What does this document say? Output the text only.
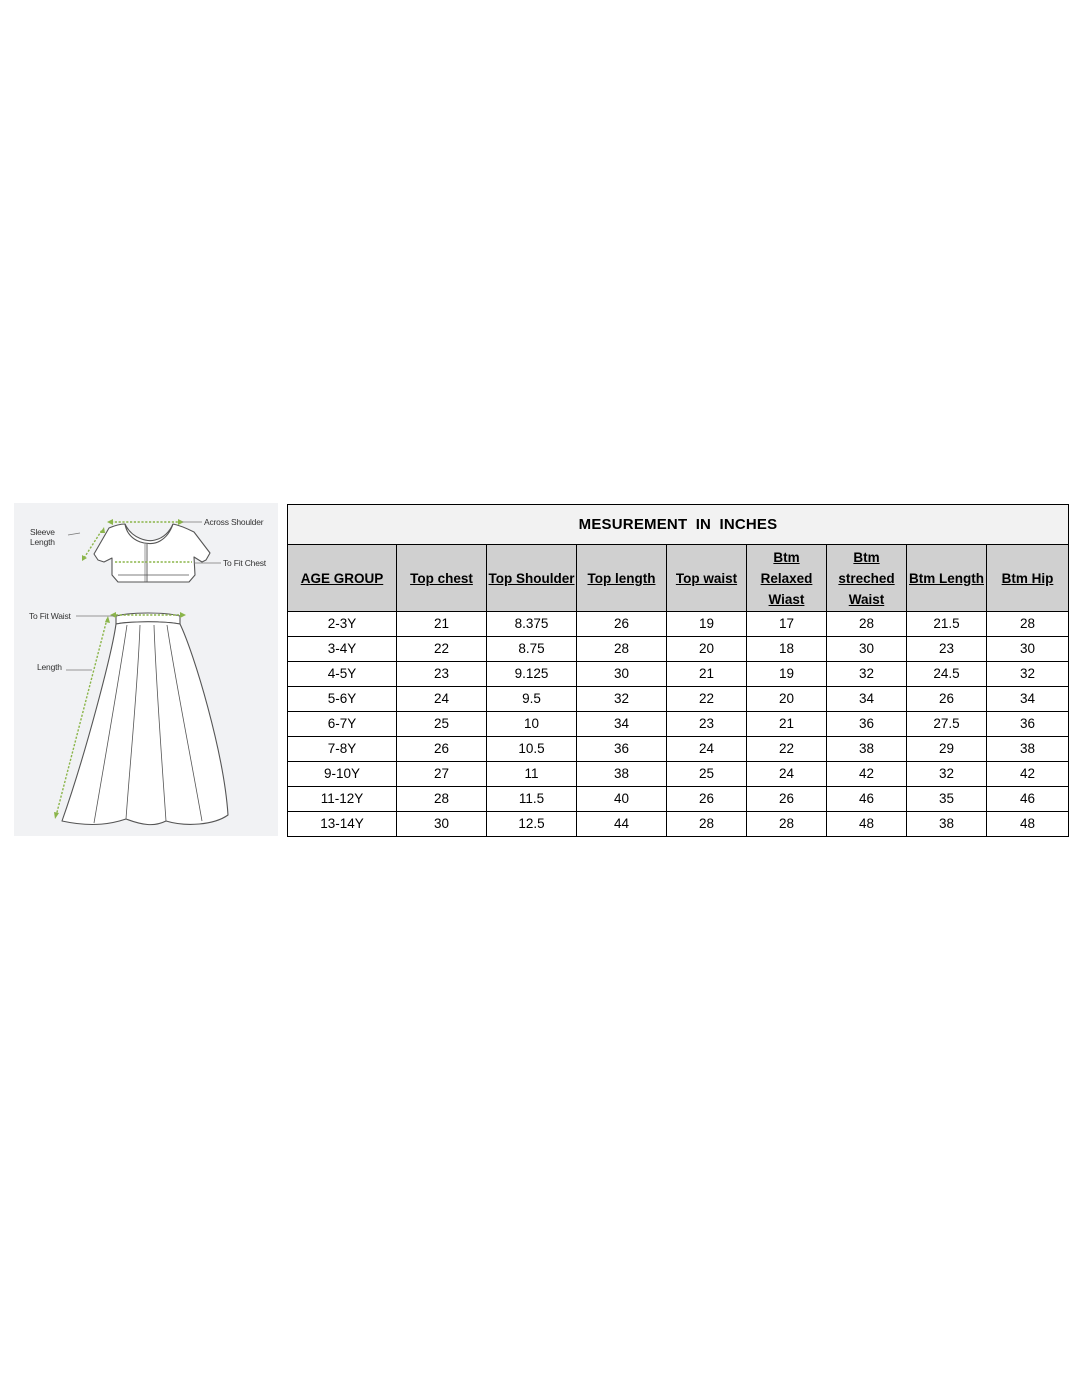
Sleeve Length
Across Shoulder
To Fit Chest
To Fit Waist
Length
MESUREMENT IN INCHES								
AGE GROUP	Top chest	Top Shoulder	Top length	Top waist	Btm Relaxed Wiast	Btm streched Waist	Btm Length	Btm Hip
2-3Y	21	8.375	26	19	17	28	21.5	28
3-4Y	22	8.75	28	20	18	30	23	30
4-5Y	23	9.125	30	21	19	32	24.5	32
5-6Y	24	9.5	32	22	20	34	26	34
6-7Y	25	10	34	23	21	36	27.5	36
7-8Y	26	10.5	36	24	22	38	29	38
9-10Y	27	11	38	25	24	42	32	42
11-12Y	28	11.5	40	26	26	46	35	46
13-14Y	30	12.5	44	28	28	48	38	48
